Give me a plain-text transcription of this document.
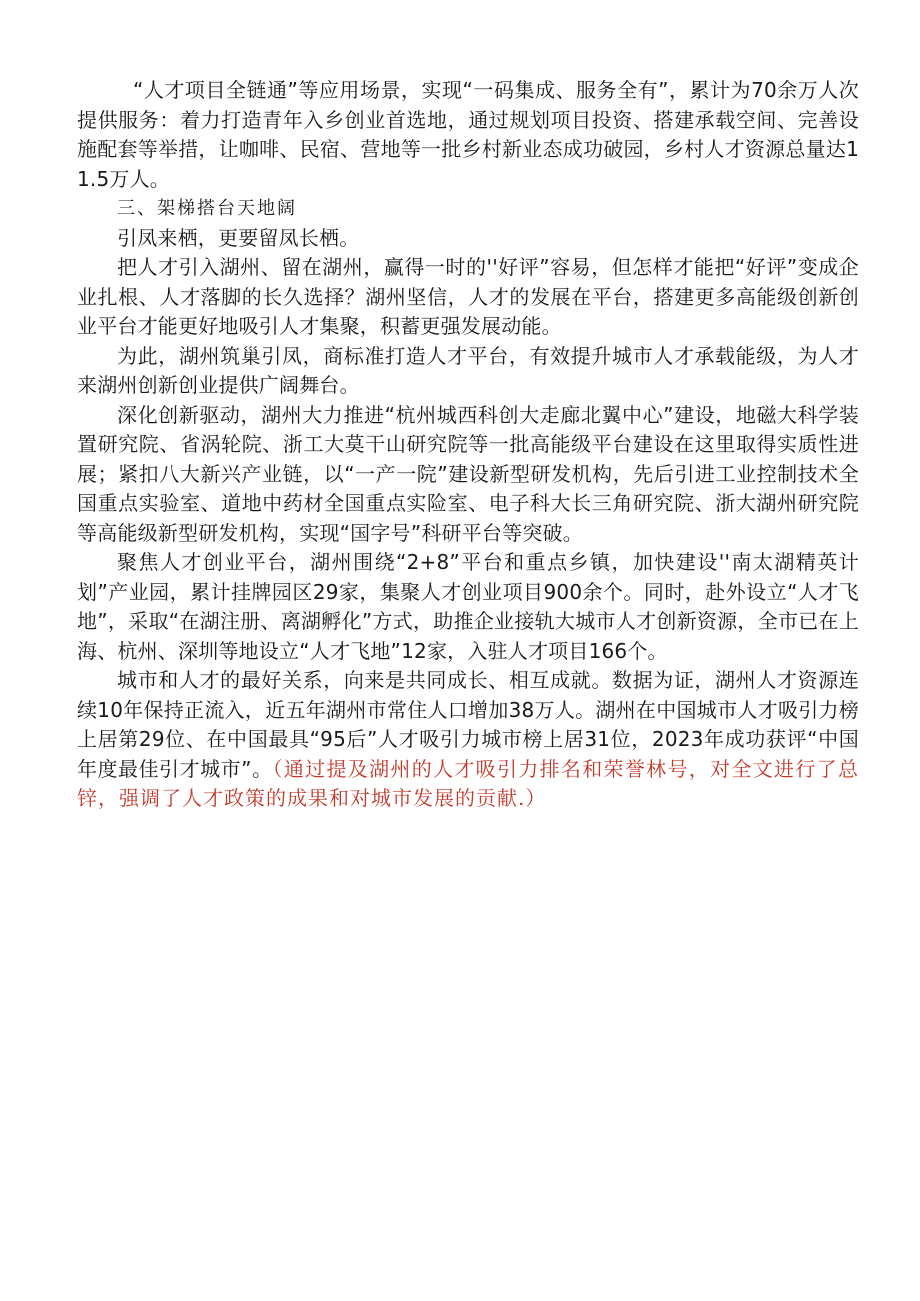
“人才项目全链通”等应用场景，实现“一码集成、服务全有”，累计为70余万人次提供服务：着力打造青年入乡创业首选地，通过规划项目投资、搭建承载空间、完善设施配套等举措，让咖啡、民宿、营地等一批乡村新业态成功破园，乡村人才资源总量达11.5万人。

三、架梯搭台天地阔

引凤来栖，更要留凤长栖。

把人才引入湖州、留在湖州，赢得一时的''好评”容易，但怎样才能把“好评”变成企业扎根、人才落脚的长久选择？湖州坚信，人才的发展在平台，搭建更多高能级创新创业平台才能更好地吸引人才集聚，积蓄更强发展动能。

为此，湖州筑巢引凤，商标准打造人才平台，有效提升城市人才承载能级，为人才来湖州创新创业提供广阔舞台。

深化创新驱动，湖州大力推进“杭州城西科创大走廊北翼中心”建设，地磁大科学装置研究院、省涡轮院、浙工大莫干山研究院等一批高能级平台建设在这里取得实质性进展；紧扣八大新兴产业链，以“一产一院”建设新型研发机构，先后引进工业控制技术全国重点实验室、道地中药材全国重点实险室、电子科大长三角研究院、浙大湖州研究院等高能级新型研发机构，实现“国字号”科研平台等突破。

聚焦人才创业平台，湖州围绕“2+8”平台和重点乡镇，加快建设''南太湖精英计划”产业园，累计挂牌园区29家，集聚人才创业项目900余个。同时，赴外设立“人才飞地”，采取“在湖注册、离湖孵化”方式，助推企业接轨大城市人才创新资源，全市已在上海、杭州、深圳等地设立“人才飞地”12家，入驻人才项目166个。

城市和人才的最好关系，向来是共同成长、相互成就。数据为证，湖州人才资源连续10年保持正流入，近五年湖州市常住人口增加38万人。湖州在中国城市人才吸引力榜上居第29位、在中国最具“95后”人才吸引力城市榜上居31位，2023年成功获评“中国年度最佳引才城市”。（通过提及湖州的人才吸引力排名和荣誉林号，对全文进行了总锌，强调了人才政策的成果和对城市发展的贡献.）
